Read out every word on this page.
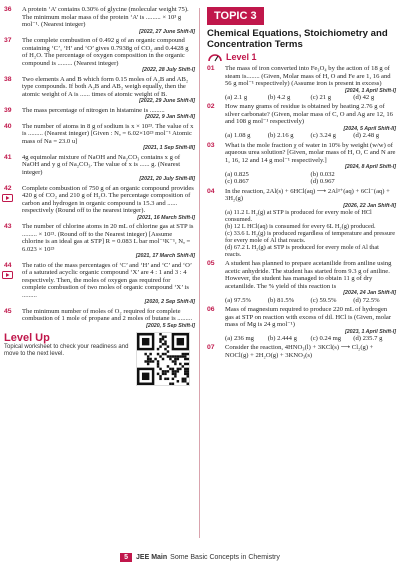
36 A protein ‘A’ contains 0.30% of glycine (molecular weight 75). The minimum molar mass of the protein ‘A’ is ......... × 10³ g mol⁻¹. (Nearest integer)

[2022, 27 June Shift-II]
37 The complete combustion of 0.492 g of an organic compound containing ‘C’, ‘H’ and ‘O’ gives 0.7938g of CO₂ and 0.4428 g of H₂O. The percentage of oxygen composition in the organic compound is ......... (Nearest integer)

[2022, 28 July Shift-I]
38 Two elements A and B which form 0.15 moles of A₂B and AB₂ type compounds. If both A₂B and AB₂ weigh equally, then the atomic weight of A is ...... times of atomic weight of B.

[2022, 29 June Shift-II]
39 The mass percentage of nitrogen in histamine is .........

[2022, 9 Jan Shift-II]
40 The number of atoms in 8 g of sodium is x × 10²³. The value of x is ......... (Nearest integer) [Given : Nₐ = 6.02×10²³ mol⁻¹ Atomic mass of Na = 23.0 u]

[2021, 1 Sep Shift-III]
41 4g equimolar mixture of NaOH and Na₂CO₃ contains x g of NaOH and y g of Na₂CO₃. The value of x is ...... g. (Nearest integer)

[2021, 20 July Shift-III]
42 Complete combustion of 750 g of an organic compound provides 420 g of CO₂ and 210 g of H₂O. The percentage composition of carbon and hydrogen in organic compound is 15.3 and ...... respectively (Round off to the nearest integer).

[2021, 16 March Shift-I]
43 The number of chlorine atoms in 20 mL of chlorine gas at STP is ......... × 10²¹. (Round off to the Nearest integer) [Assume chlorine is an ideal gas at STP] R = 0.083 L bar mol⁻¹K⁻¹, Nₐ = 6.023 × 10²³

[2021, 17 March Shift-II]
44 The ratio of the mass percentages of ‘C’ and ‘H’ and ‘C’ and ‘O’ of a saturated acyclic organic compound ‘X’ are 4 : 1 and 3 : 4 respectively. Then, the moles of oxygen gas required for complete combustion of two moles of organic compound ‘X’ is .........

[2020, 2 Sep Shift-II]
45 The minimum number of moles of O₂ required for complete combustion of 1 mole of propane and 2 moles of butane is .........

[2020, 5 Sep Shift-I]
Level Up
Topical worksheet to check your readiness and move to the next level.
TOPIC 3
Chemical Equations, Stoichiometry and Concentration Terms
Level 1
01 The mass of iron converted into Fe₃O₄ by the action of 18 g of steam is........ (Given, Molar mass of H, O and Fe are 1, 16 and 56 g mol⁻¹ respectively) (Assume iron is present in excess)

[2024, 1 April Shift-I]
(a) 2.1 g	(b) 4.2 g	(c) 21 g	(d) 42 g
02 How many grams of residue is obtained by heating 2.76 g of silver carbonate? (Given, molar mass of C, O and Ag are 12, 16 and 108 g mol⁻¹ respectively)

[2024, 5 April Shift-II]
(a) 1.08 g	(b) 2.16 g	(c) 3.24 g	(d) 2.48 g
03 What is the mole fraction χ of water in 10% by weight (w/w) of aqueous urea solution? [Given, molar mass of H, O, C and N are 1, 16, 12 and 14 g mol⁻¹ respectively.]

[2024, 8 April Shift-I]
(a) 0.825	(b) 0.032
(c) 0.867	(d) 0.967
04 In the reaction, 2Al(s) + 6HCl(aq) ⟶ 2Al³⁺(aq) + 6Cl⁻(aq) + 3H₂(g)

[2026, 22 Jan Shift-II]
(a) 11.2 L H₂(g) at STP is produced for every mole of HCl consumed.
(b) 12 L HCl(aq) is consumed for every 6L H₂(g) produced.
(c) 33.6 L H₂(g) is produced regardless of temperature and pressure for every mole of Al that reacts.
(d) 67.2 L H₂(g) at STP is produced for every mole of Al that reacts.
05 A student has planned to prepare acetanilide from aniline using acetic anhydride. The student has started from 9.3 g of aniline. However, the student has managed to obtain 11 g of dry acetanilide. The % yield of this reaction is

[2024, 24 Jan Shift-II]
(a) 97.5%	(b) 81.5%	(c) 59.5%	(d) 72.5%
06 Mass of magnesium required to produce 220 mL of hydrogen gas at STP on reaction with excess of dil. HCl is (Given, molar mass of Mg is 24 g mol⁻¹)

[2023, 1 April Shift-I]
(a) 236 mg	(b) 2.444 g	(c) 0.24 mg	(d) 235.7 g
07 Consider the reaction, 4HNO₃(l) + 3KCl(s) ⟶ Cl₂(g) + NOCl(g) + 2H₂O(g) + 3KNO₃(s)

5	JEE Main Some Basic Concepts in Chemistry
